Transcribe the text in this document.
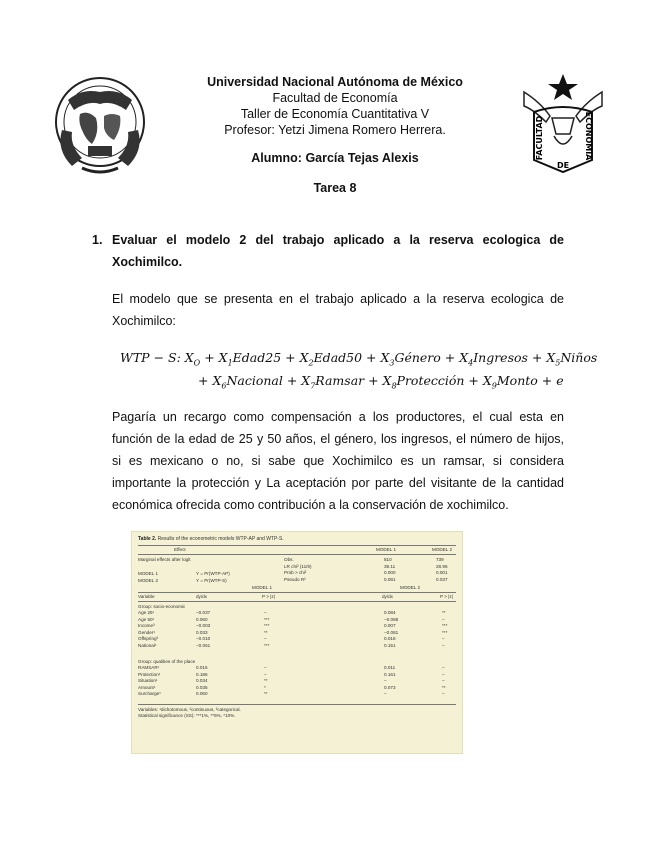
FACULTAD	ECONOMIA
DE
Universidad Nacional Autónoma de México
Facultad de Economía
Taller de Economía Cuantitativa V
Profesor: Yetzi Jimena Romero Herrera.
Alumno: García Tejas Alexis
Tarea 8
1. Evaluar el modelo 2 del trabajo aplicado a la reserva ecologica de Xochimilco.
El modelo que se presenta en el trabajo aplicado a la reserva ecologica de Xochimilco:
WTP − S: $X_O$ + $X_1Edad25$ + $X_2Edad50$ + $X_3Género$ + $X_4Ingresos$ + $X_5Niños$
+ $X_6Nacional$ + $X_7Ramsar$ + $X_8Protección$ + $X_9Monto + e$
Pagaría un recargo como compensación a los productores, el cual esta en función de la edad de 25 y 50 años, el género, los ingresos, el número de hijos, si es mexicano o no, si sabe que Xochimilco es un ramsar, si considera importante la protección y La aceptación por parte del visitante de la cantidad económica ofrecida como contribución a la conservación de xochimilco.
Table 2. Results of the econometric models WTP-AP and WTP-S.
Effect	MODEL 1	MODEL 2
Marginal effects after logit	Obs.	810	739
LR chi² (11/9)	39.11	28.96
Prob > chi²	0.000	0.001
Pseudo R²	0.081	0.037
MODEL 1	Y = Pr(WTP-AP)
MODEL 2	Y = Pr(WTP-S)
MODEL 1	MODEL 2
Variable	dy/dx	P > |z|	dy/dx	P > |z|
Group: socio-economic
Group: qualities of the place
Age 25¹	−0.037	–	0.084	**
Age 50¹	0.060	***	−0.088	–
Income³	−0.003	***	0.007	***
Gender¹	0.033	**	−0.081	***
Offspring³	−0.010	–	0.018	–
National¹	−0.061	***	0.151	–
RAMSAR¹	0.016	–	0.011	–
Protection¹	0.186	–	0.161	–
Situation¹	0.034	**	–	–
Amount¹	0.035	*	0.073	**
Surcharge¹	0.060	**	–	–
Variables: ¹dichotomous, ²continuous, ³categorical.
Statistical significance (SS): ***1%, **5%, *10%.
